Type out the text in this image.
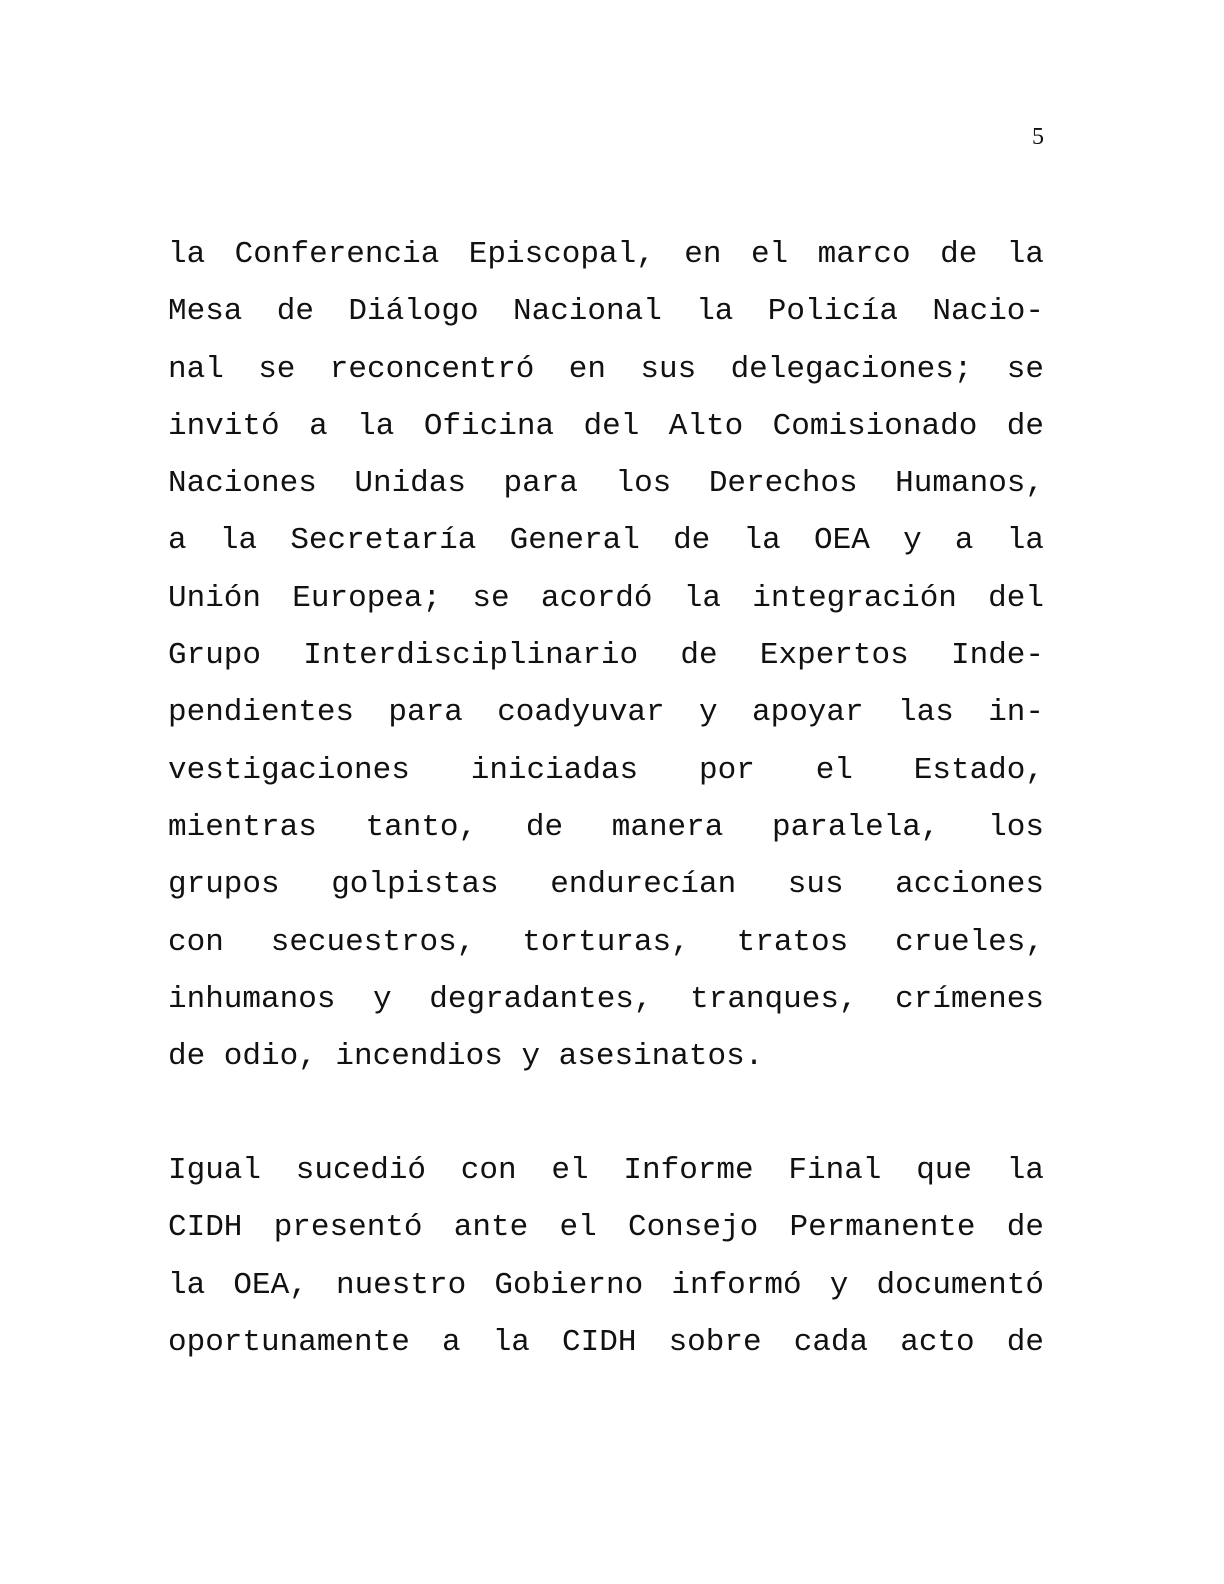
5
la Conferencia Episcopal, en el marco de la
Mesa de Diálogo Nacional la Policía Nacio-
nal se reconcentró en sus delegaciones; se
invitó a la Oficina del Alto Comisionado de
Naciones Unidas para los Derechos Humanos,
a la Secretaría General de la OEA y a la
Unión Europea; se acordó la integración del
Grupo Interdisciplinario de Expertos Inde-
pendientes para coadyuvar y apoyar las in-
vestigaciones iniciadas por el Estado,
mientras tanto, de manera paralela, los
grupos golpistas endurecían sus acciones
con secuestros, torturas, tratos crueles,
inhumanos y degradantes, tranques, crímenes
de odio, incendios y asesinatos.
Igual sucedió con el Informe Final que la
CIDH presentó ante el Consejo Permanente de
la OEA, nuestro Gobierno informó y documentó
oportunamente a la CIDH sobre cada acto de
